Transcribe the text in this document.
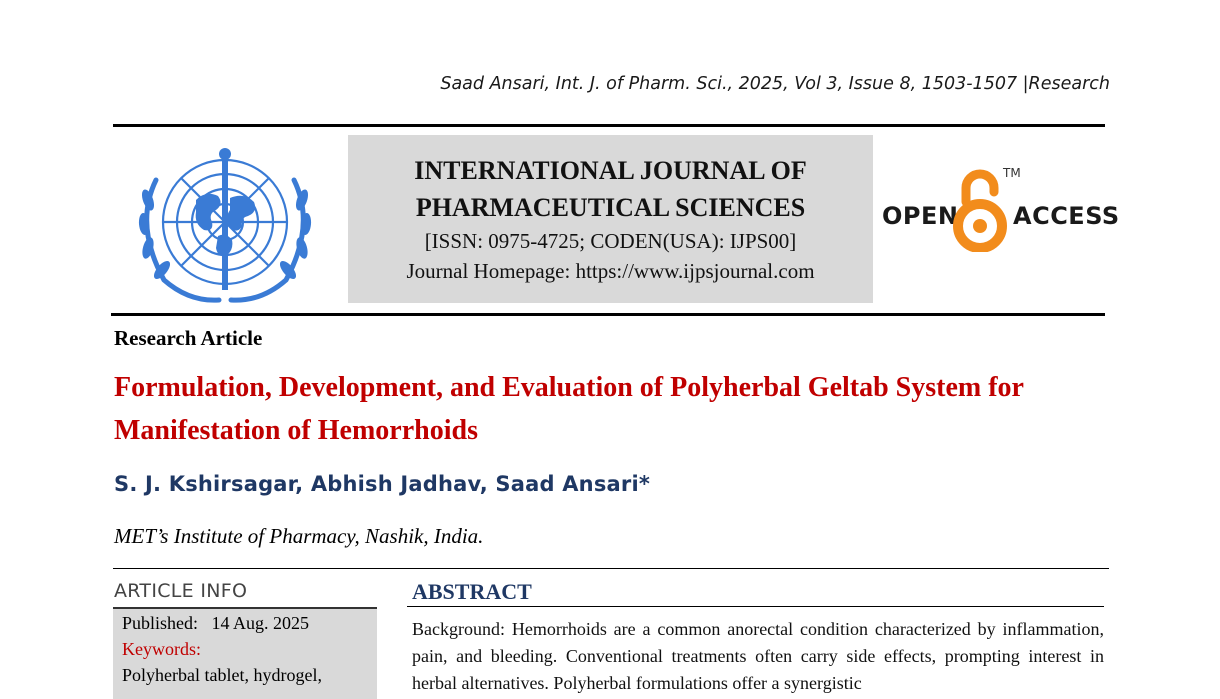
Saad Ansari, Int. J. of Pharm. Sci., 2025, Vol 3, Issue 8, 1503-1507 |Research
INTERNATIONAL JOURNAL OF
PHARMACEUTICAL SCIENCES
[ISSN: 0975-4725; CODEN(USA): IJPS00]
Journal Homepage: https://www.ijpsjournal.com
OPEN
TM
ACCESS
Research Article
Formulation, Development, and Evaluation of Polyherbal Geltab System for Manifestation of Hemorrhoids
S. J. Kshirsagar, Abhish Jadhav, Saad Ansari*
MET’s Institute of Pharmacy, Nashik, India.
ARTICLE INFO
Published: 14 Aug. 2025
Keywords:
Polyherbal tablet, hydrogel,
ABSTRACT
Background: Hemorrhoids are a common anorectal condition characterized by inflammation, pain, and bleeding. Conventional treatments often carry side effects, prompting interest in herbal alternatives. Polyherbal formulations offer a synergistic
